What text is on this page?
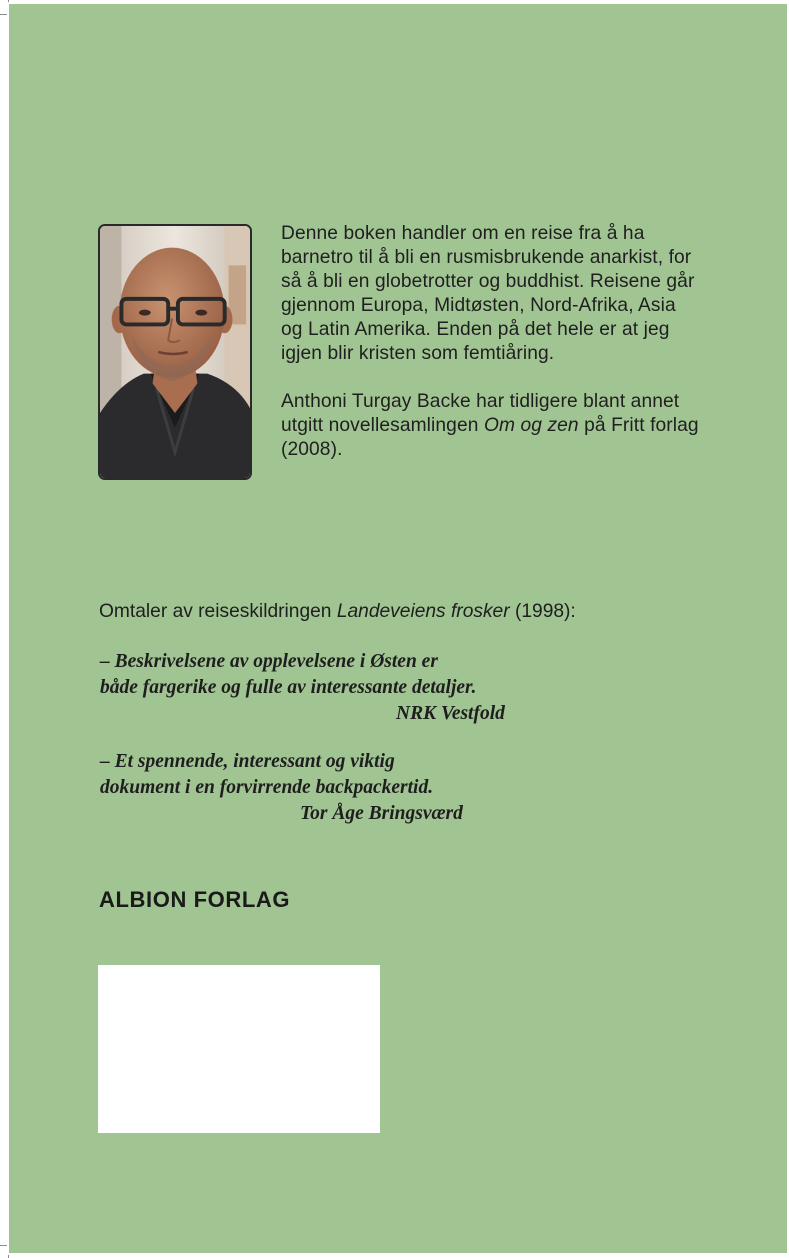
Denne boken handler om en reise fra å ha barnetro til å bli en rusmisbrukende anarkist, for så å bli en globetrotter og buddhist. Reisene går gjennom Europa, Midtøsten, Nord-Afrika, Asia og Latin Amerika. Enden på det hele er at jeg igjen blir kristen som femtiåring.

Anthoni Turgay Backe har tidligere blant annet utgitt novellesamlingen Om og zen på Fritt forlag (2008).

Omtaler av reiseskildringen Landeveiens frosker (1998):
– Beskrivelsene av opplevelsene i Østen er
både fargerike og fulle av interessante detaljer.
NRK Vestfold
– Et spennende, interessant og viktig
dokument i en forvirrende backpackertid.
Tor Åge Bringsværd
ALBION FORLAG
